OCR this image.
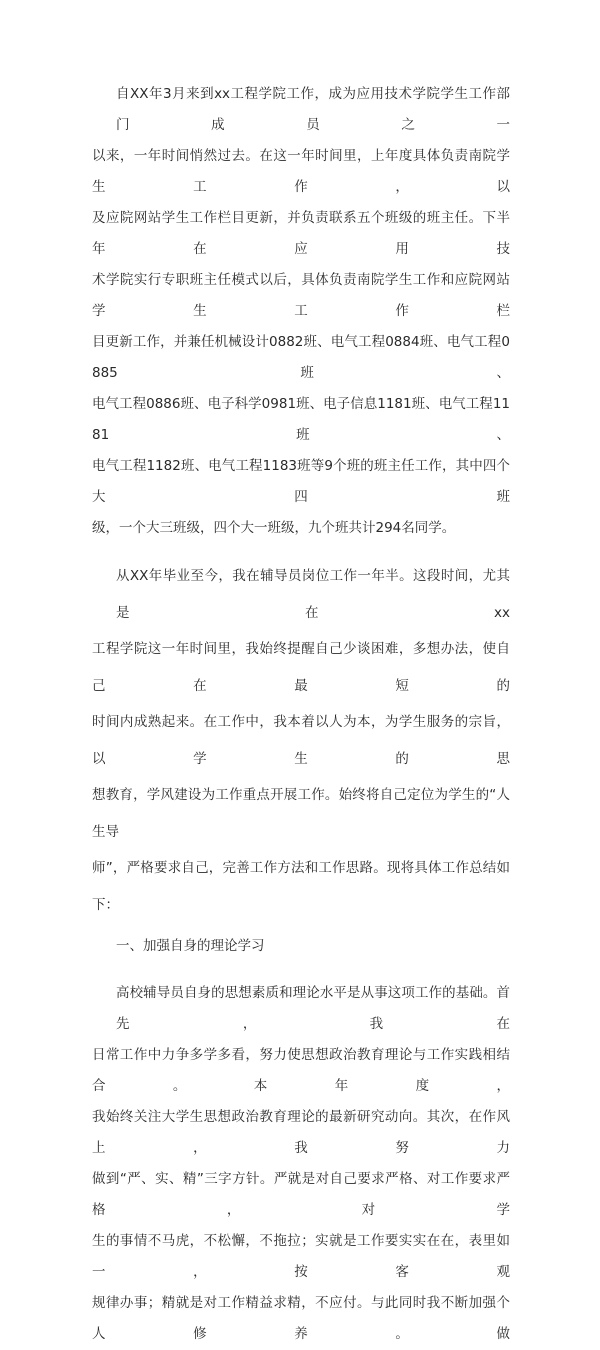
自XX年3月来到xx工程学院工作，成为应用技术学院学生工作部门成员之一
以来，一年时间悄然过去。在这一年时间里，上年度具体负责南院学生工作，以
及应院网站学生工作栏目更新，并负责联系五个班级的班主任。下半年在应用技
术学院实行专职班主任模式以后，具体负责南院学生工作和应院网站学生工作栏
目更新工作，并兼任机械设计0882班、电气工程0884班、电气工程0885班、
电气工程0886班、电子科学0981班、电子信息1181班、电气工程1181班、
电气工程1182班、电气工程1183班等9个班的班主任工作，其中四个大四班
级，一个大三班级，四个大一班级，九个班共计294名同学。
从XX年毕业至今，我在辅导员岗位工作一年半。这段时间，尤其是在xx
工程学院这一年时间里，我始终提醒自己少谈困难，多想办法，使自己在最短的
时间内成熟起来。在工作中，我本着以人为本，为学生服务的宗旨，以学生的思
想教育，学风建设为工作重点开展工作。始终将自己定位为学生的“人生导
师”，严格要求自己，完善工作方法和工作思路。现将具体工作总结如下：
一、加强自身的理论学习
高校辅导员自身的思想素质和理论水平是从事这项工作的基础。首先，我在
日常工作中力争多学多看，努力使思想政治教育理论与工作实践相结合。本年度，
我始终关注大学生思想政治教育理论的最新研究动向。其次，在作风上，我努力
做到“严、实、精”三字方针。严就是对自己要求严格、对工作要求严格，对学
生的事情不马虎，不松懈，不拖拉；实就是工作要实实在在，表里如一，按客观
规律办事；精就是对工作精益求精，不应付。与此同时我不断加强个人修养。做
